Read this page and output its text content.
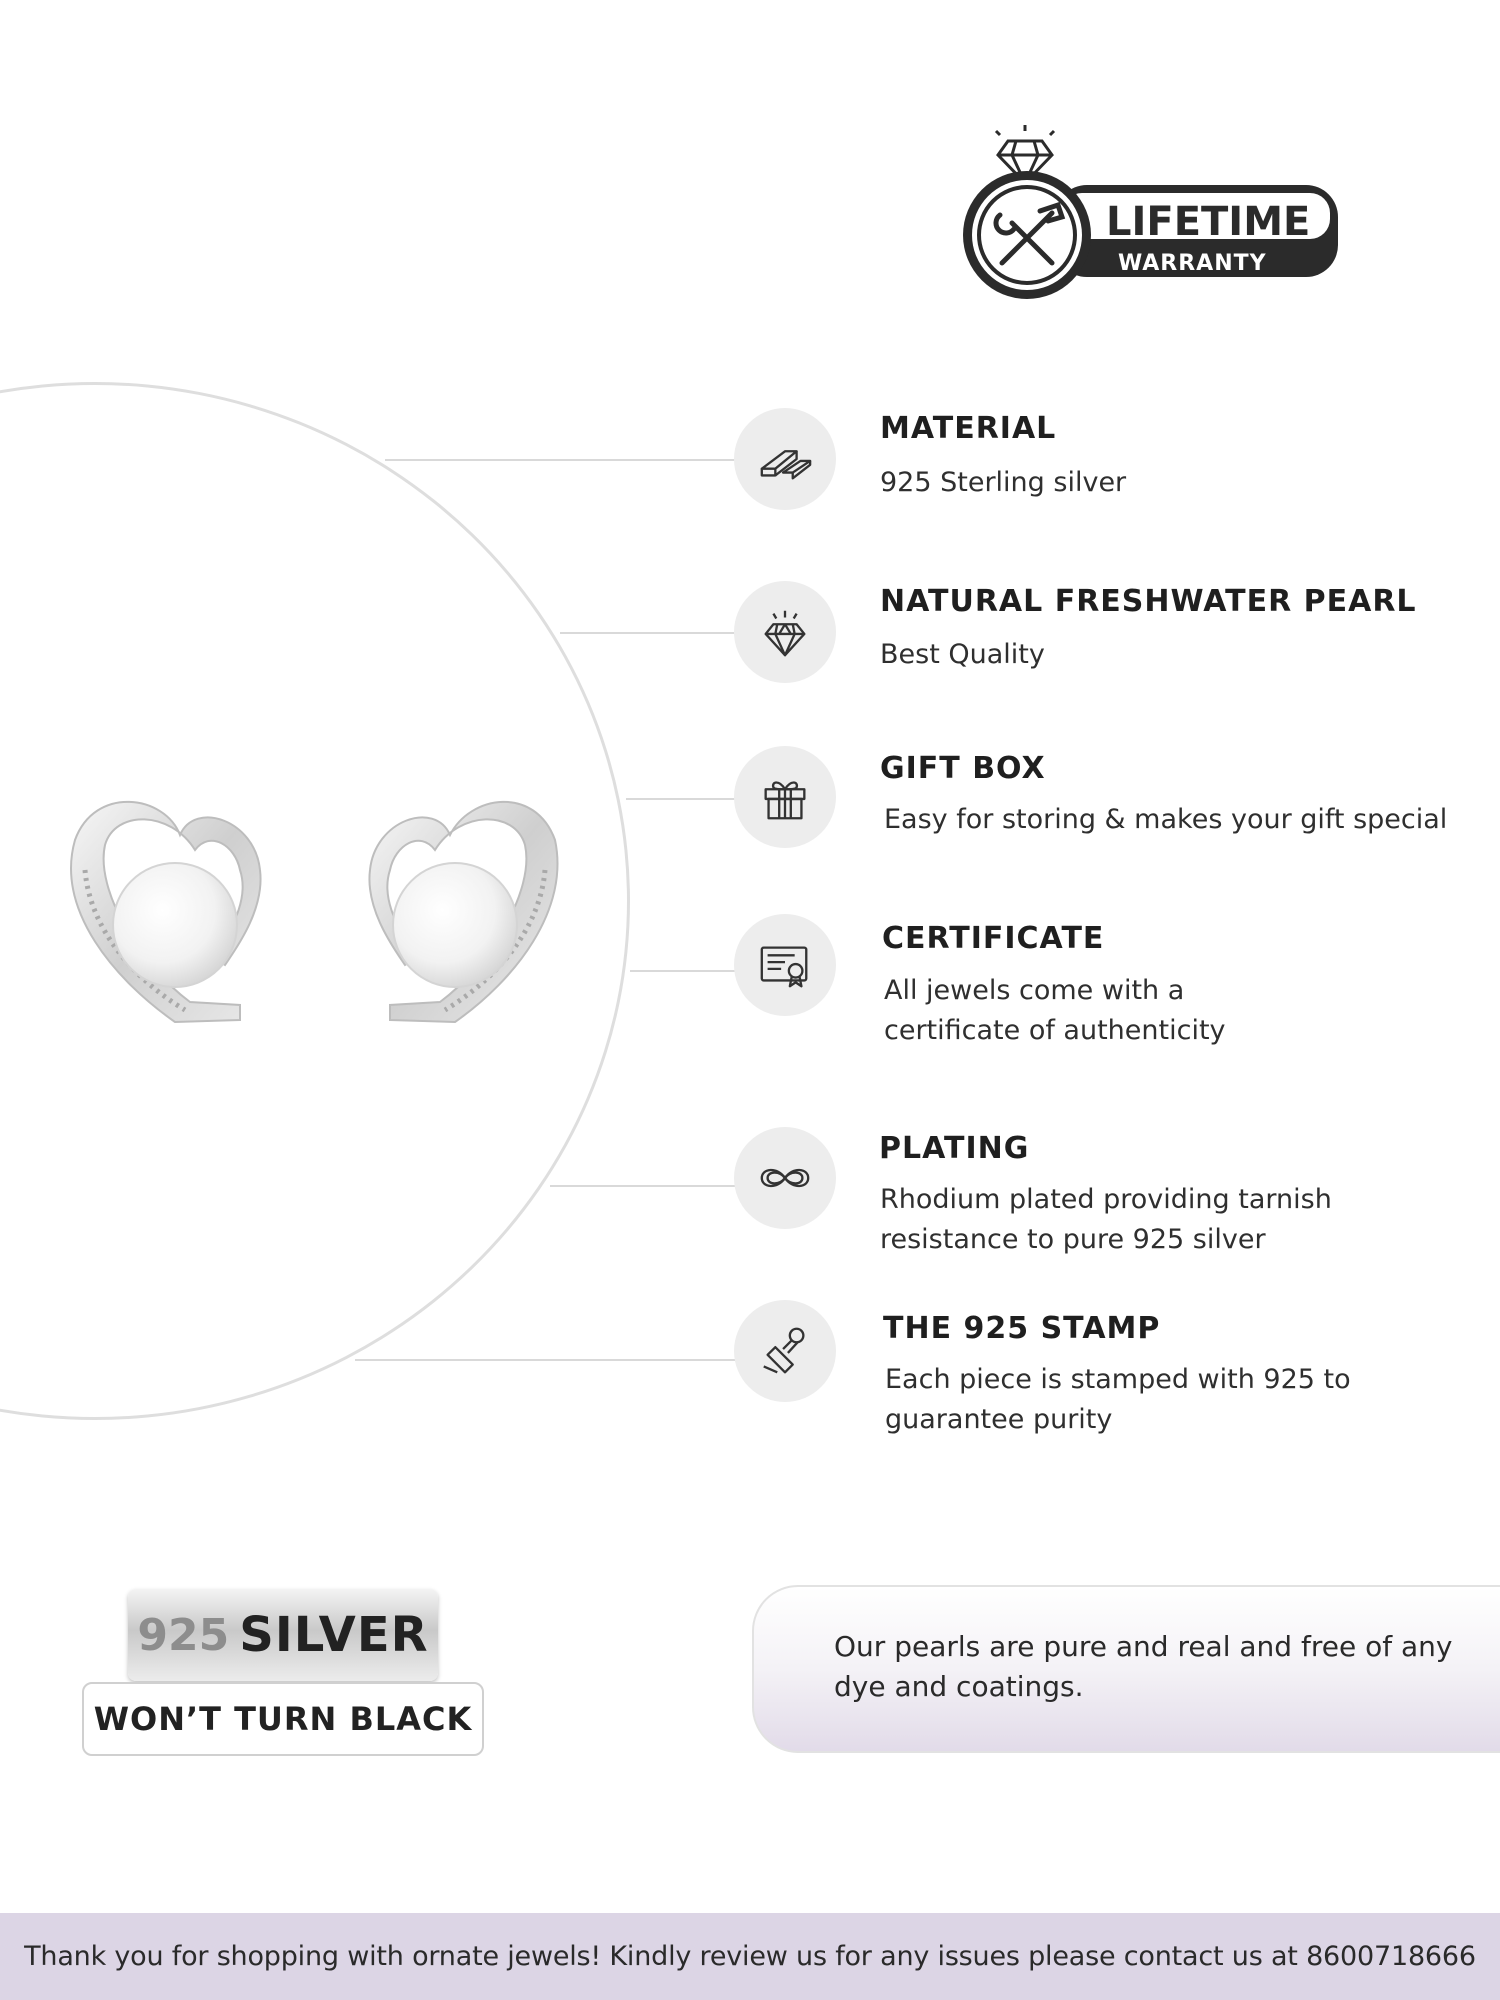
LIFETIME
WARRANTY
MATERIAL
925 Sterling silver
NATURAL FRESHWATER PEARL
Best Quality
GIFT BOX
Easy for storing & makes your gift special
CERTIFICATE
All jewels come with a
certificate of authenticity
PLATING
Rhodium plated providing tarnish
resistance to pure 925 silver
THE 925 STAMP
Each piece is stamped with 925 to
guarantee purity
925 SILVER
WON’T TURN BLACK
Our pearls are pure and real and free of any dye and coatings.
Thank you for shopping with ornate jewels! Kindly review us for any issues please contact us at 8600718666
